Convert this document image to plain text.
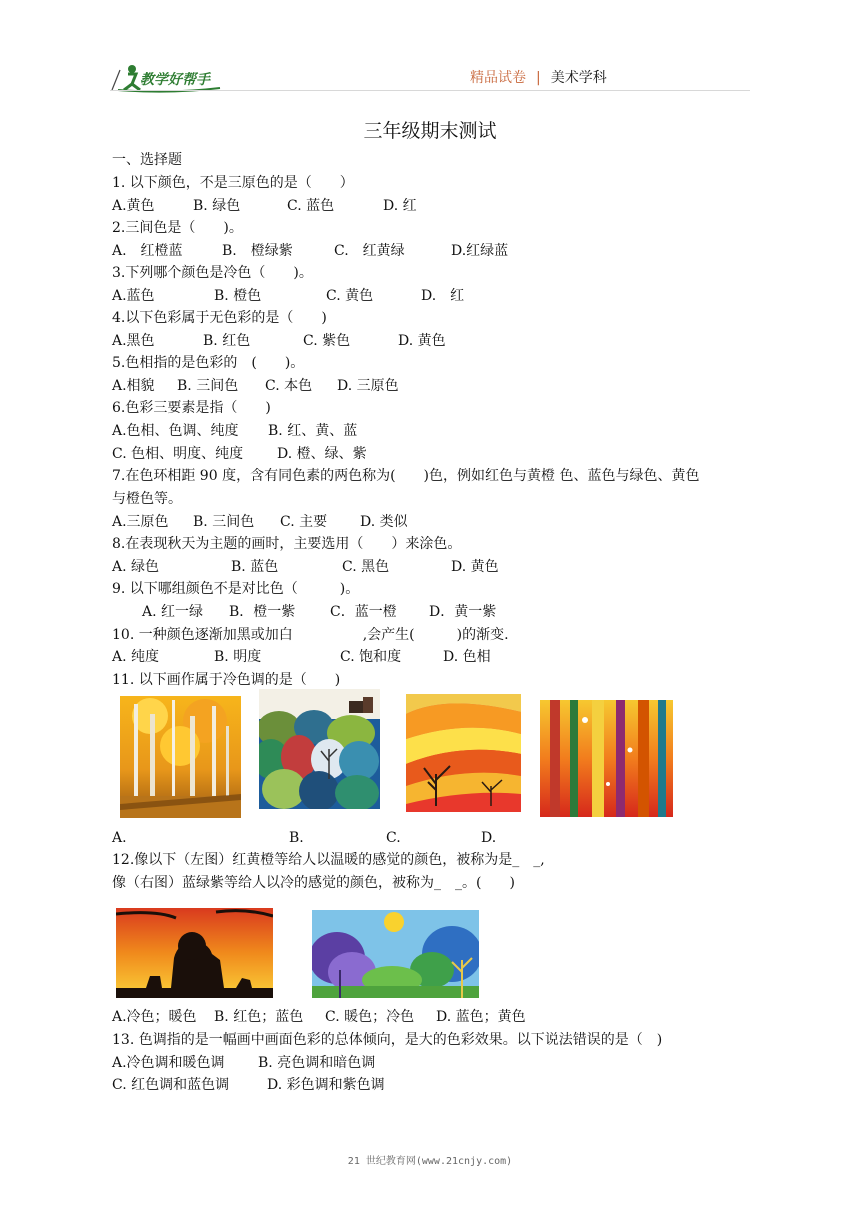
教学好帮手	精品试卷 | 美术学科
三年级期末测试
一、选择题
1. 以下颜色，不是三原色的是（　　）
A.黄色	B. 绿色	C. 蓝色	D. 红
2.三间色是（　　)。
A.　红橙蓝	B.　橙绿紫	C.　红黄绿	D.红绿蓝
3.下列哪个颜色是冷色（　　)。
A.蓝色	B. 橙色	C. 黄色	D.　红
4.以下色彩属于无色彩的是（　　)
A.黑色	B. 红色	C. 紫色	D. 黄色
5.色相指的是色彩的　(　　)。
A.相貌 B. 三间色 C. 本色 D. 三原色
6.色彩三要素是指（　　)
A.色相、色调、纯度 B. 红、黄、蓝
C. 色相、明度、纯度 D. 橙、绿、紫
7.在色环相距 90 度，含有同色素的两色称为(　　)色，例如红色与黄橙 色、蓝色与绿色、黄色
与橙色等。
A.三原色 B. 三间色 C. 主要 D. 类似
8.在表现秋天为主题的画时，主要选用（　　）来涂色。
A. 绿色	B. 蓝色	C. 黑色	D. 黄色
9. 以下哪组颜色不是对比色（　　　)。
A. 红一绿 B．橙一紫 C．蓝一橙 D．黄一紫
10. 一种颜色逐渐加黑或加白　　　　　,会产生(　　　)的渐变.
A. 纯度	B. 明度	C. 饱和度	D. 色相
11. 以下画作属于冷色调的是（　　)
A.	B.	C.	D.
12.像以下（左图）红黄橙等给人以温暖的感觉的颜色，被称为是_　_,
像（右图）蓝绿紫等给人以冷的感觉的颜色，被称为_　_。(　　)
A.冷色；暖色 B. 红色；蓝色 C. 暖色；冷色 D. 蓝色；黄色
13. 色调指的是一幅画中画面色彩的总体倾向，是大的色彩效果。以下说法错误的是（　)
A.冷色调和暖色调 B. 亮色调和暗色调
C. 红色调和蓝色调	D. 彩色调和紫色调
21 世纪教育网(www.21cnjy.com)
